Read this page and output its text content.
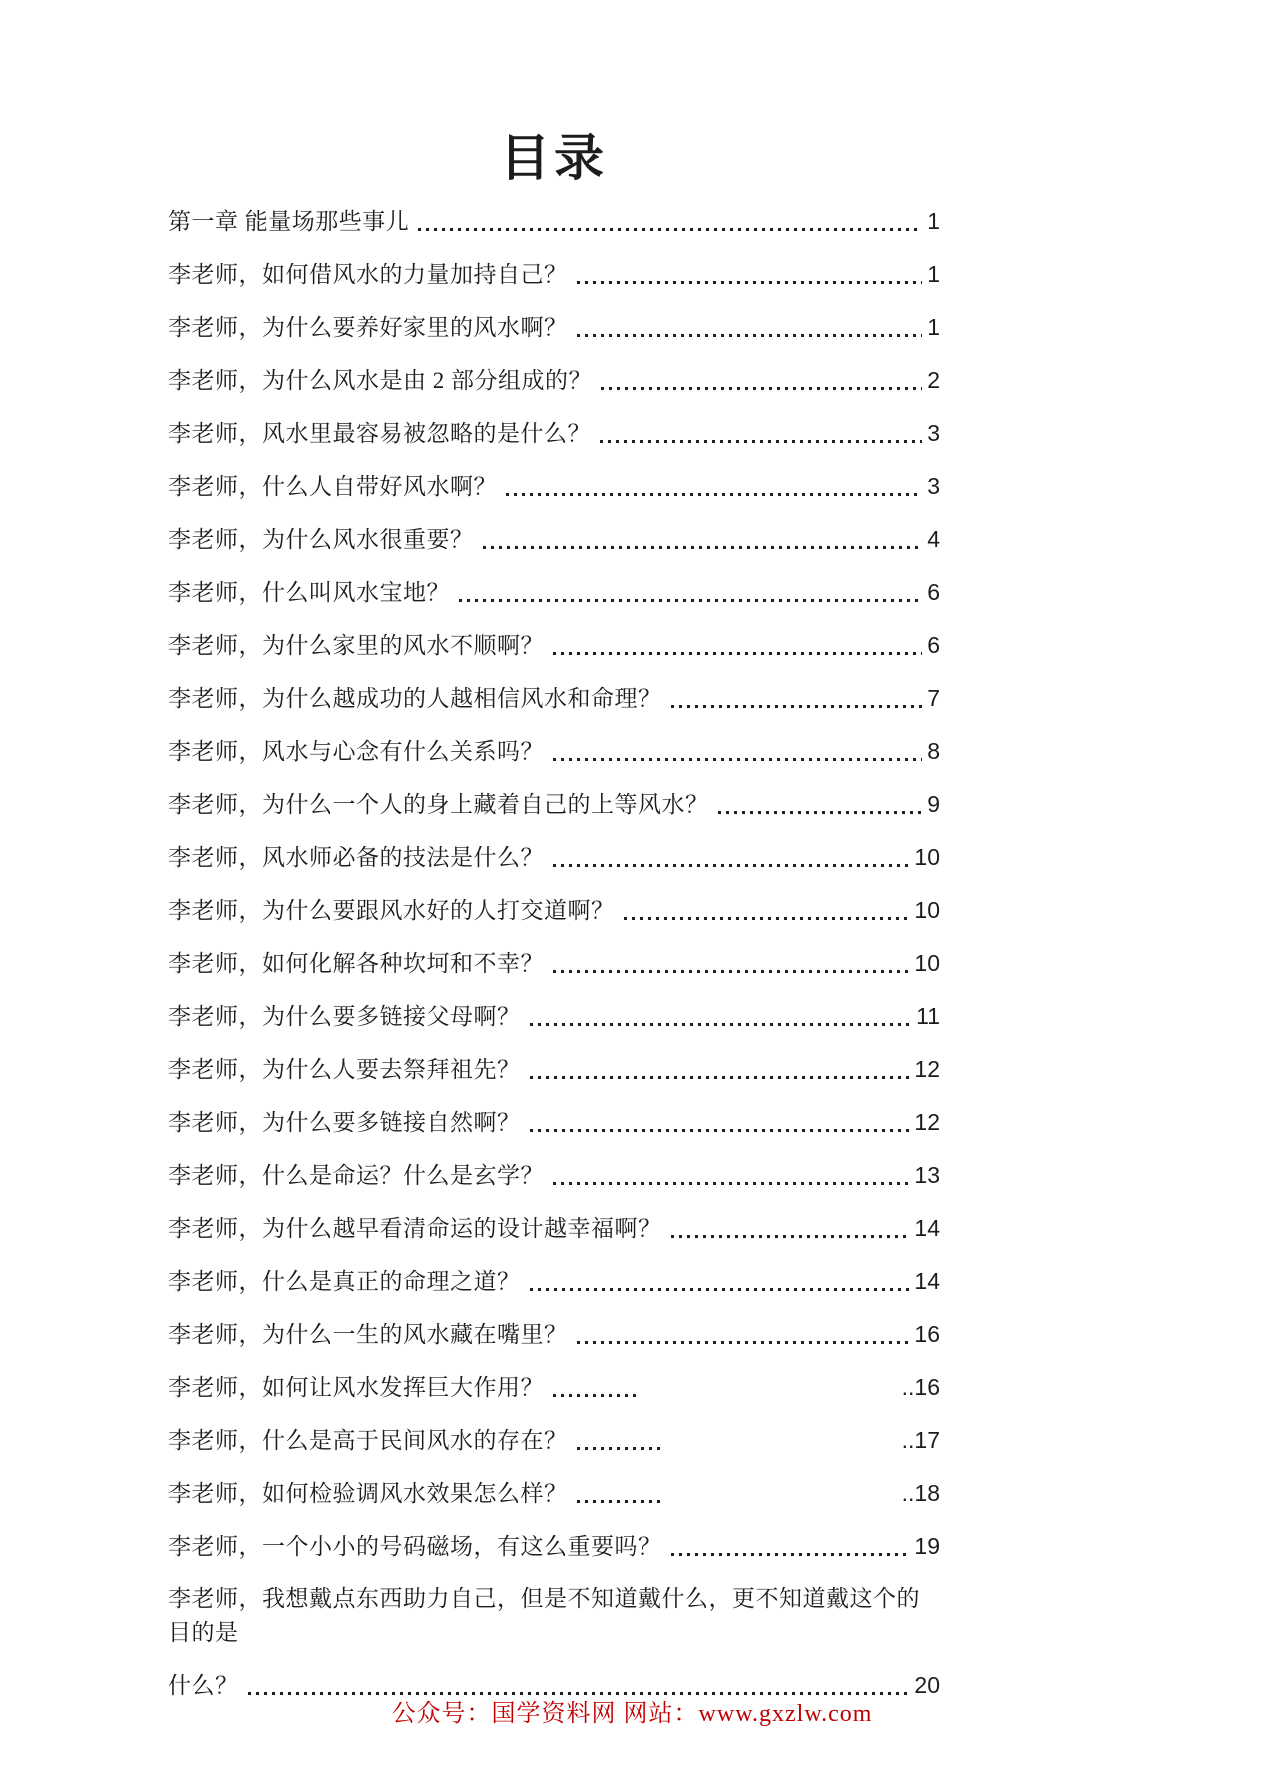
目录
第一章 能量场那些事儿	1
李老师，如何借风水的力量加持自己？	1
李老师，为什么要养好家里的风水啊？	1
李老师，为什么风水是由 2 部分组成的？	2
李老师，风水里最容易被忽略的是什么？	3
李老师，什么人自带好风水啊？	3
李老师，为什么风水很重要？	4
李老师，什么叫风水宝地？	6
李老师，为什么家里的风水不顺啊？	6
李老师，为什么越成功的人越相信风水和命理？	7
李老师，风水与心念有什么关系吗？	8
李老师，为什么一个人的身上藏着自己的上等风水？	9
李老师，风水师必备的技法是什么？	10
李老师，为什么要跟风水好的人打交道啊？	10
李老师，如何化解各种坎坷和不幸？	10
李老师，为什么要多链接父母啊？	11
李老师，为什么人要去祭拜祖先？	12
李老师，为什么要多链接自然啊？	12
李老师，什么是命运？什么是玄学？	13
李老师，为什么越早看清命运的设计越幸福啊？	14
李老师，什么是真正的命理之道？	14
李老师，为什么一生的风水藏在嘴里？	16
李老师，如何让风水发挥巨大作用？	..16
李老师，什么是高于民间风水的存在？	..17
李老师，如何检验调风水效果怎么样？	..18
李老师，一个小小的号码磁场，有这么重要吗？	19
李老师，我想戴点东西助力自己，但是不知道戴什么，更不知道戴这个的目的是
什么？	20
公众号：国学资料网 网站：www.gxzlw.com
